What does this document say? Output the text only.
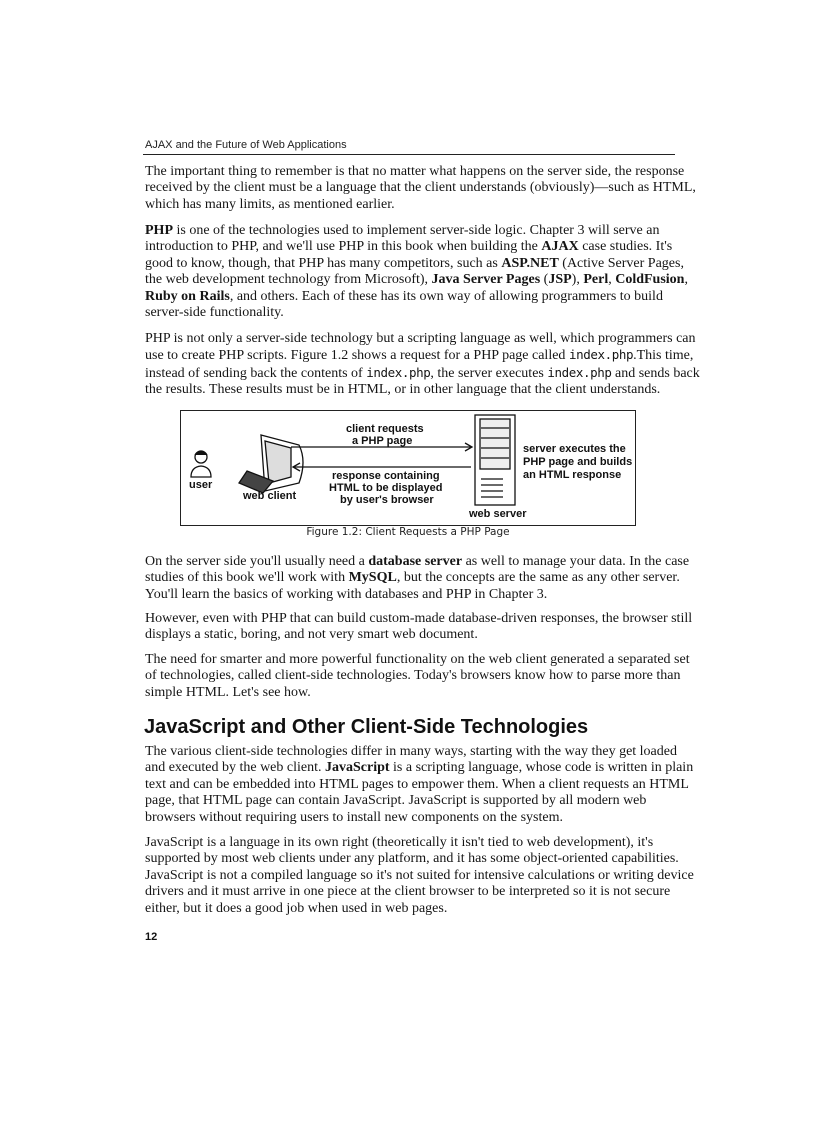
AJAX and the Future of Web Applications
The important thing to remember is that no matter what happens on the server side, the response
received by the client must be a language that the client understands (obviously)—such as HTML,
which has many limits, as mentioned earlier.
PHP is one of the technologies used to implement server-side logic. Chapter 3 will serve an
introduction to PHP, and we'll use PHP in this book when building the AJAX case studies. It's
good to know, though, that PHP has many competitors, such as ASP.NET (Active Server Pages,
the web development technology from Microsoft), Java Server Pages (JSP), Perl, ColdFusion,
Ruby on Rails, and others. Each of these has its own way of allowing programmers to build
server-side functionality.
PHP is not only a server-side technology but a scripting language as well, which programmers can
use to create PHP scripts. Figure 1.2 shows a request for a PHP page called index.php.This time,
instead of sending back the contents of index.php, the server executes index.php and sends back
the results. These results must be in HTML, or in other language that the client understands.
user
web client
client requests
a PHP page
response containing
HTML to be displayed
by user's browser
web server
server executes the
PHP page and builds
an HTML response
Figure 1.2: Client Requests a PHP Page
On the server side you'll usually need a database server as well to manage your data. In the case
studies of this book we'll work with MySQL, but the concepts are the same as any other server.
You'll learn the basics of working with databases and PHP in Chapter 3.
However, even with PHP that can build custom-made database-driven responses, the browser still
displays a static, boring, and not very smart web document.
The need for smarter and more powerful functionality on the web client generated a separated set
of technologies, called client-side technologies. Today's browsers know how to parse more than
simple HTML. Let's see how.
JavaScript and Other Client-Side Technologies
The various client-side technologies differ in many ways, starting with the way they get loaded
and executed by the web client. JavaScript is a scripting language, whose code is written in plain
text and can be embedded into HTML pages to empower them. When a client requests an HTML
page, that HTML page can contain JavaScript. JavaScript is supported by all modern web
browsers without requiring users to install new components on the system.
JavaScript is a language in its own right (theoretically it isn't tied to web development), it's
supported by most web clients under any platform, and it has some object-oriented capabilities.
JavaScript is not a compiled language so it's not suited for intensive calculations or writing device
drivers and it must arrive in one piece at the client browser to be interpreted so it is not secure
either, but it does a good job when used in web pages.
12
